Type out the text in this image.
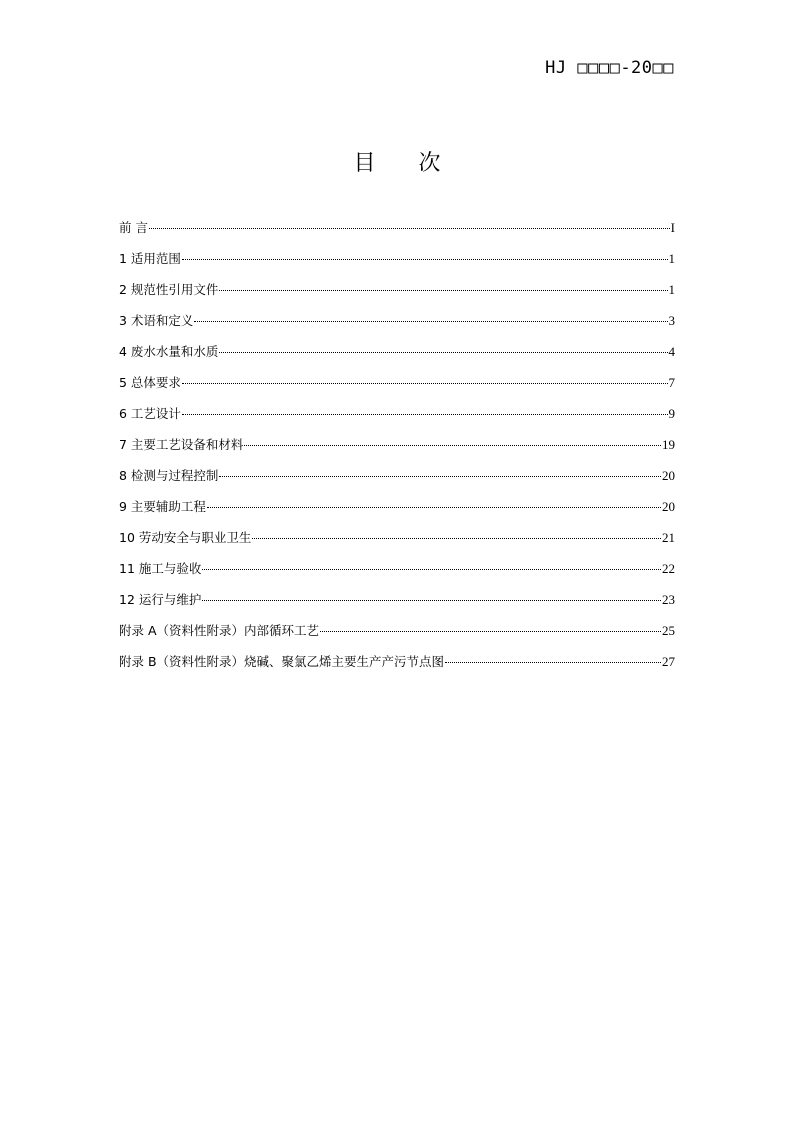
HJ □□□□-20□□
目 次
前 言	I
1 适用范围	1
2 规范性引用文件	1
3 术语和定义	3
4 废水水量和水质	4
5 总体要求	7
6 工艺设计	9
7 主要工艺设备和材料	19
8 检测与过程控制	20
9 主要辅助工程	20
10 劳动安全与职业卫生	21
11 施工与验收	22
12 运行与维护	23
附录 A（资料性附录）内部循环工艺	25
附录 B（资料性附录）烧碱、聚氯乙烯主要生产产污节点图	27
